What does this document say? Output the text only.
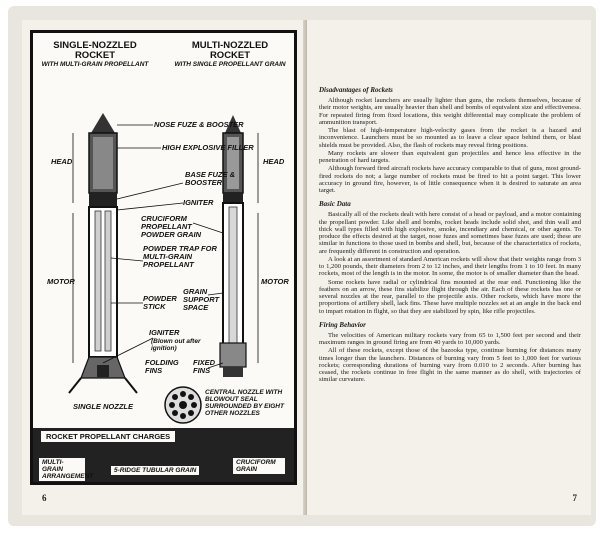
SINGLE-NOZZLED ROCKET
WITH MULTI-GRAIN PROPELLANT
MULTI-NOZZLED ROCKET
WITH SINGLE PROPELLANT GRAIN
NOSE FUZE & BOOSTER
HIGH EXPLOSIVE FILLER
HEAD	HEAD
BASE FUZE & BOOSTER
IGNITER
CRUCIFORM PROPELLANT POWDER GRAIN
POWDER TRAP FOR MULTI-GRAIN PROPELLANT
MOTOR	MOTOR
POWDER STICK
GRAIN SUPPORT SPACE
IGNITER
(Blown out after ignition)
FOLDING FINS
FIXED FINS
SINGLE NOZZLE
CENTRAL NOZZLE WITH BLOWOUT SEAL SURROUNDED BY EIGHT OTHER NOZZLES
ROCKET PROPELLANT CHARGES
MULTI-GRAIN ARRANGEMENT
5-RIDGE TUBULAR GRAIN
CRUCIFORM GRAIN
6
Disadvantages of Rockets

Although rocket launchers are usually lighter than guns, the rockets themselves, because of their motor weights, are usually heavier than shell and bombs of equivalent size and effectiveness. For repeated firing from fixed locations, this weight differential may complicate the problem of ammunition transport.

The blast of high-temperature high-velocity gases from the rocket is a hazard and inconvenience. Launchers must be so mounted as to leave a clear space behind them, or blast shields must be provided. Also, the flash of rockets may reveal firing positions.

Many rockets are slower than equivalent gun projectiles and hence less effective in the penetration of hard targets.

Although forward fired aircraft rockets have accuracy comparable to that of guns, most ground-fired rockets do not; a large number of rockets must be fired to hit a point target. This lower accuracy in ground fire, however, is of little consequence when it is desired to saturate an area target.

Basic Data

Basically all of the rockets dealt with here consist of a head or payload, and a motor containing the propellant powder. Like shell and bombs, rocket heads include solid shot, and thin wall and thick wall types filled with high explosive, smoke, incendiary and chemical, or other agents. To produce the effects desired at the target, nose fuzes and sometimes base fuzes are used; these are similar in functions to those used in bombs and shell, but, because of the characteristics of rockets, are frequently different in construction and operation.

A look at an assortment of standard American rockets will show that their weights range from 3 to 1,200 pounds, their diameters from 2 to 12 inches, and their lengths from 1 to 10 feet. In many rockets, most of the length is in the motor. In some, the motor is of smaller diameter than the head.

Some rockets have radial or cylindrical fins mounted at the rear end. Functioning like the feathers on an arrow, these fins stabilize flight through the air. Each of these rockets has one or several nozzles at the rear, parallel to the projectile axis. Other rockets, which have more the proportions of artillery shell, lack fins. These have multiple nozzles set at an angle in the back end to impart rotation in flight, so that they are stabilized by spin, like rifle projectiles.

Firing Behavior

The velocities of American military rockets vary from 65 to 1,500 feet per second and their maximum ranges in ground firing are from 40 yards to 10,000 yards.

All of these rockets, except those of the bazooka type, continue burning for distances many times longer than the launchers. Distances of burning vary from 5 feet to 1,000 feet for various rockets; corresponding durations of burning vary from 0.010 to 2 seconds. After burning has ceased, the rockets continue in free flight in the same manner as do shell, with trajectories of similar curvature.

7
